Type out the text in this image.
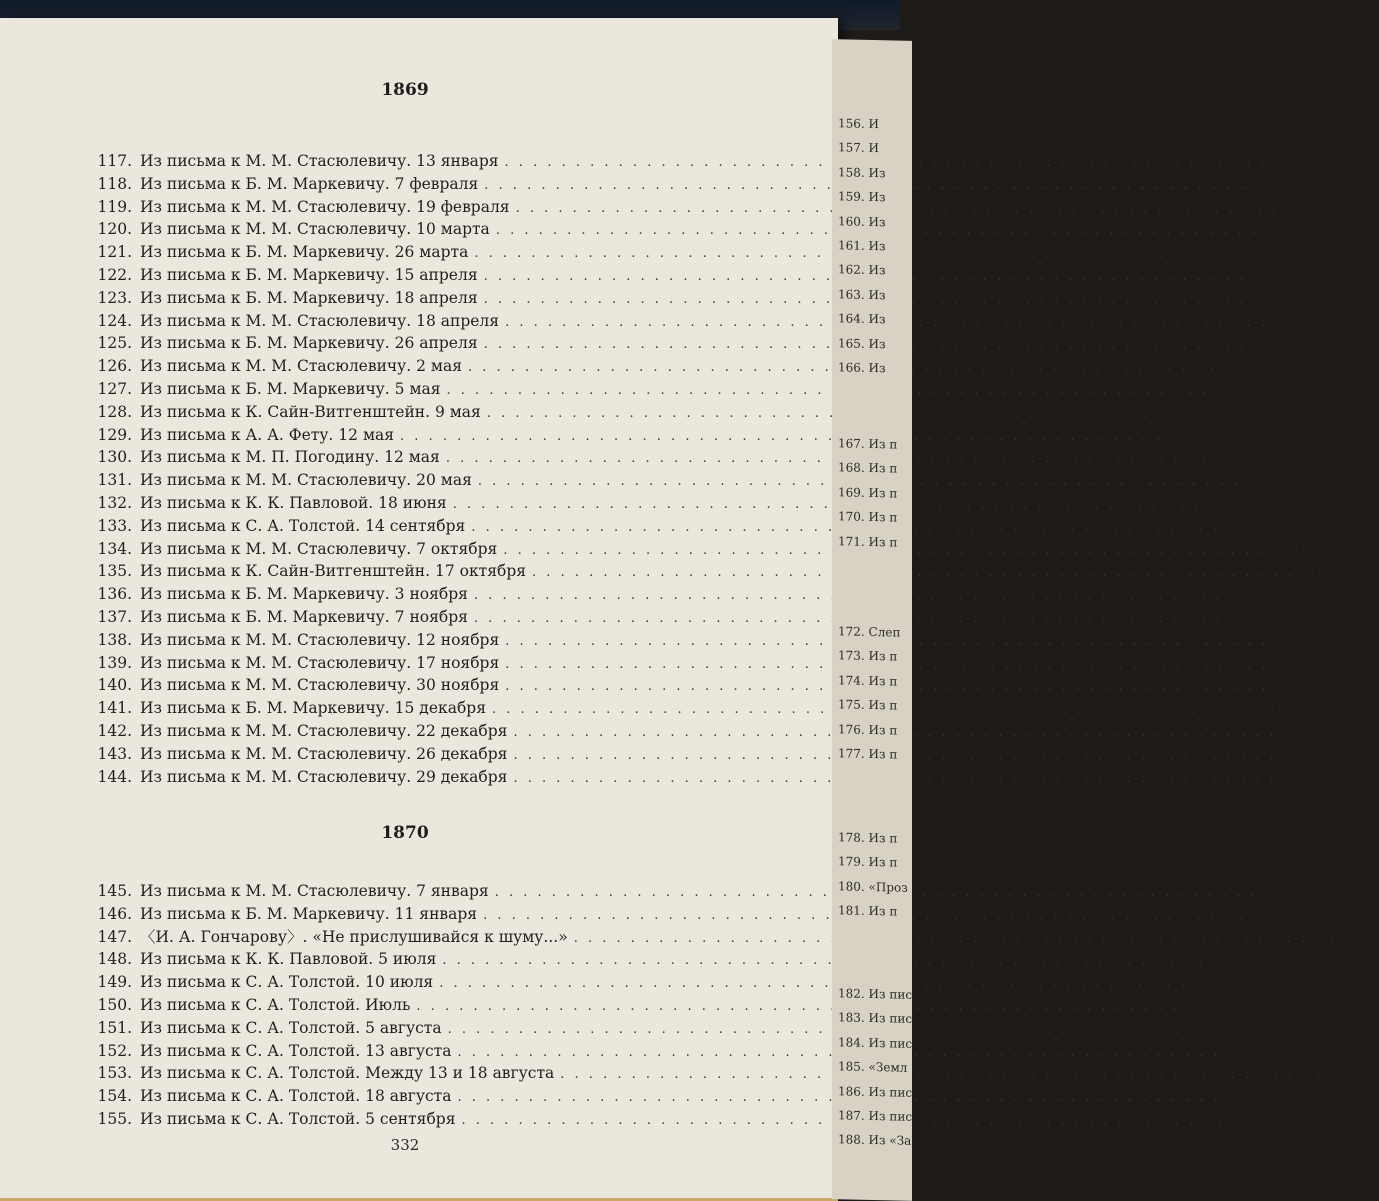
1869
117. Из письма к М. М. Стасюлевичу. 13 января . . .	152
118. Из письма к Б. М. Маркевичу. 7 февраля . . .	153
119. Из письма к М. М. Стасюлевичу. 19 февраля . . .	154
120. Из письма к М. М. Стасюлевичу. 10 марта . . .	154
121. Из письма к Б. М. Маркевичу. 26 марта . . .	155
122. Из письма к Б. М. Маркевичу. 15 апреля . . .	155
123. Из письма к Б. М. Маркевичу. 18 апреля . . .	155
124. Из письма к М. М. Стасюлевичу. 18 апреля . . .	156
125. Из письма к Б. М. Маркевичу. 26 апреля . . .	156
126. Из письма к М. М. Стасюлевичу. 2 мая . . .	156
127. Из письма к Б. М. Маркевичу. 5 мая . . .	157
128. Из письма к К. Сайн-Витгенштейн. 9 мая . . .	157
129. Из письма к А. А. Фету. 12 мая . . .	159
130. Из письма к М. П. Погодину. 12 мая . . .	159
131. Из письма к М. М. Стасюлевичу. 20 мая . . .	159
132. Из письма к К. К. Павловой. 18 июня . . .	160
133. Из письма к С. А. Толстой. 14 сентября . . .	160
134. Из письма к М. М. Стасюлевичу. 7 октября . . .	161
135. Из письма к К. Сайн-Витгенштейн. 17 октября . . .	162
136. Из письма к Б. М. Маркевичу. 3 ноября . . .	162
137. Из письма к Б. М. Маркевичу. 7 ноября . . .	163
138. Из письма к М. М. Стасюлевичу. 12 ноября . . .	163
139. Из письма к М. М. Стасюлевичу. 17 ноября . . .	164
140. Из письма к М. М. Стасюлевичу. 30 ноября . . .	165
141. Из письма к Б. М. Маркевичу. 15 декабря . . .	165
142. Из письма к М. М. Стасюлевичу. 22 декабря . . .	165
143. Из письма к М. М. Стасюлевичу. 26 декабря . . .	167
144. Из письма к М. М. Стасюлевичу. 29 декабря . . .	169
1870
145. Из письма к М. М. Стасюлевичу. 7 января . . .	170
146. Из письма к Б. М. Маркевичу. 11 января . . .	171
147. 〈И. А. Гончарову〉. «Не прислушивайся к шуму...» . . .	172
148. Из письма к К. К. Павловой. 5 июля . . .	172
149. Из письма к С. А. Толстой. 10 июля . . .	173
150. Из письма к С. А. Толстой. Июль . . .	173
151. Из письма к С. А. Толстой. 5 августа . . .	173
152. Из письма к С. А. Толстой. 13 августа . . .	174
153. Из письма к С. А. Толстой. Между 13 и 18 августа . . .	174
154. Из письма к С. А. Толстой. 18 августа . . .	175
155. Из письма к С. А. Толстой. 5 сентября . . .	175
332
156. И
157. И
158. Из
159. Из
160. Из
161. Из
162. Из
163. Из
164. Из
165. Из
166. Из
167. Из п
168. Из п
169. Из п
170. Из п
171. Из п
172. Слеп
173. Из п
174. Из п
175. Из п
176. Из п
177. Из п
178. Из п
179. Из п
180. «Проз
181. Из п
182. Из пис
183. Из пис
184. Из пис
185. «Земл
186. Из пис
187. Из пис
188. Из «За
